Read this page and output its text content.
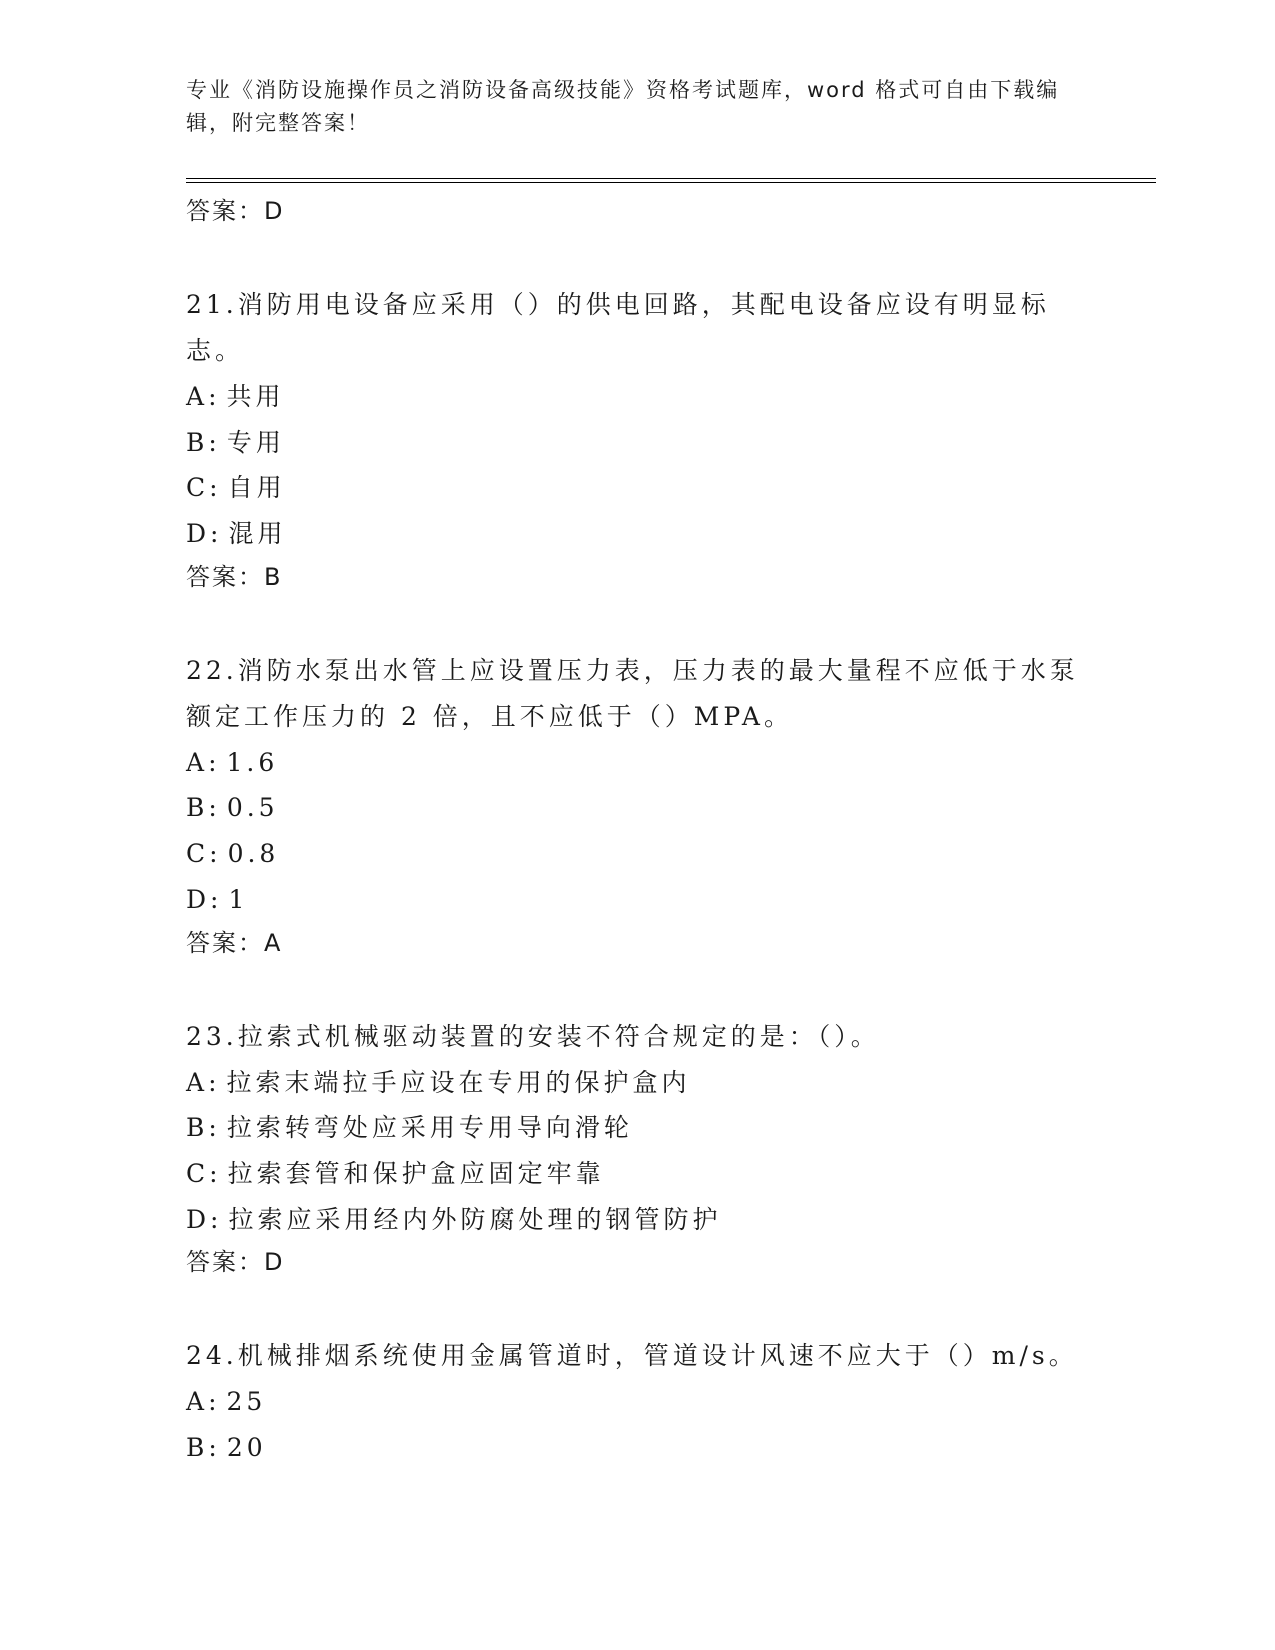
专业《消防设施操作员之消防设备高级技能》资格考试题库，word 格式可自由下载编辑，附完整答案！
答案：D
21.消防用电设备应采用（）的供电回路，其配电设备应设有明显标志。
A: 共用
B: 专用
C: 自用
D: 混用
答案：B
22.消防水泵出水管上应设置压力表，压力表的最大量程不应低于水泵额定工作压力的 2 倍，且不应低于（）MPA。
A: 1.6
B: 0.5
C: 0.8
D: 1
答案：A
23.拉索式机械驱动装置的安装不符合规定的是：（）。
A: 拉索末端拉手应设在专用的保护盒内
B: 拉索转弯处应采用专用导向滑轮
C: 拉索套管和保护盒应固定牢靠
D: 拉索应采用经内外防腐处理的钢管防护
答案：D
24.机械排烟系统使用金属管道时，管道设计风速不应大于（）m/s。
A: 25
B: 20
